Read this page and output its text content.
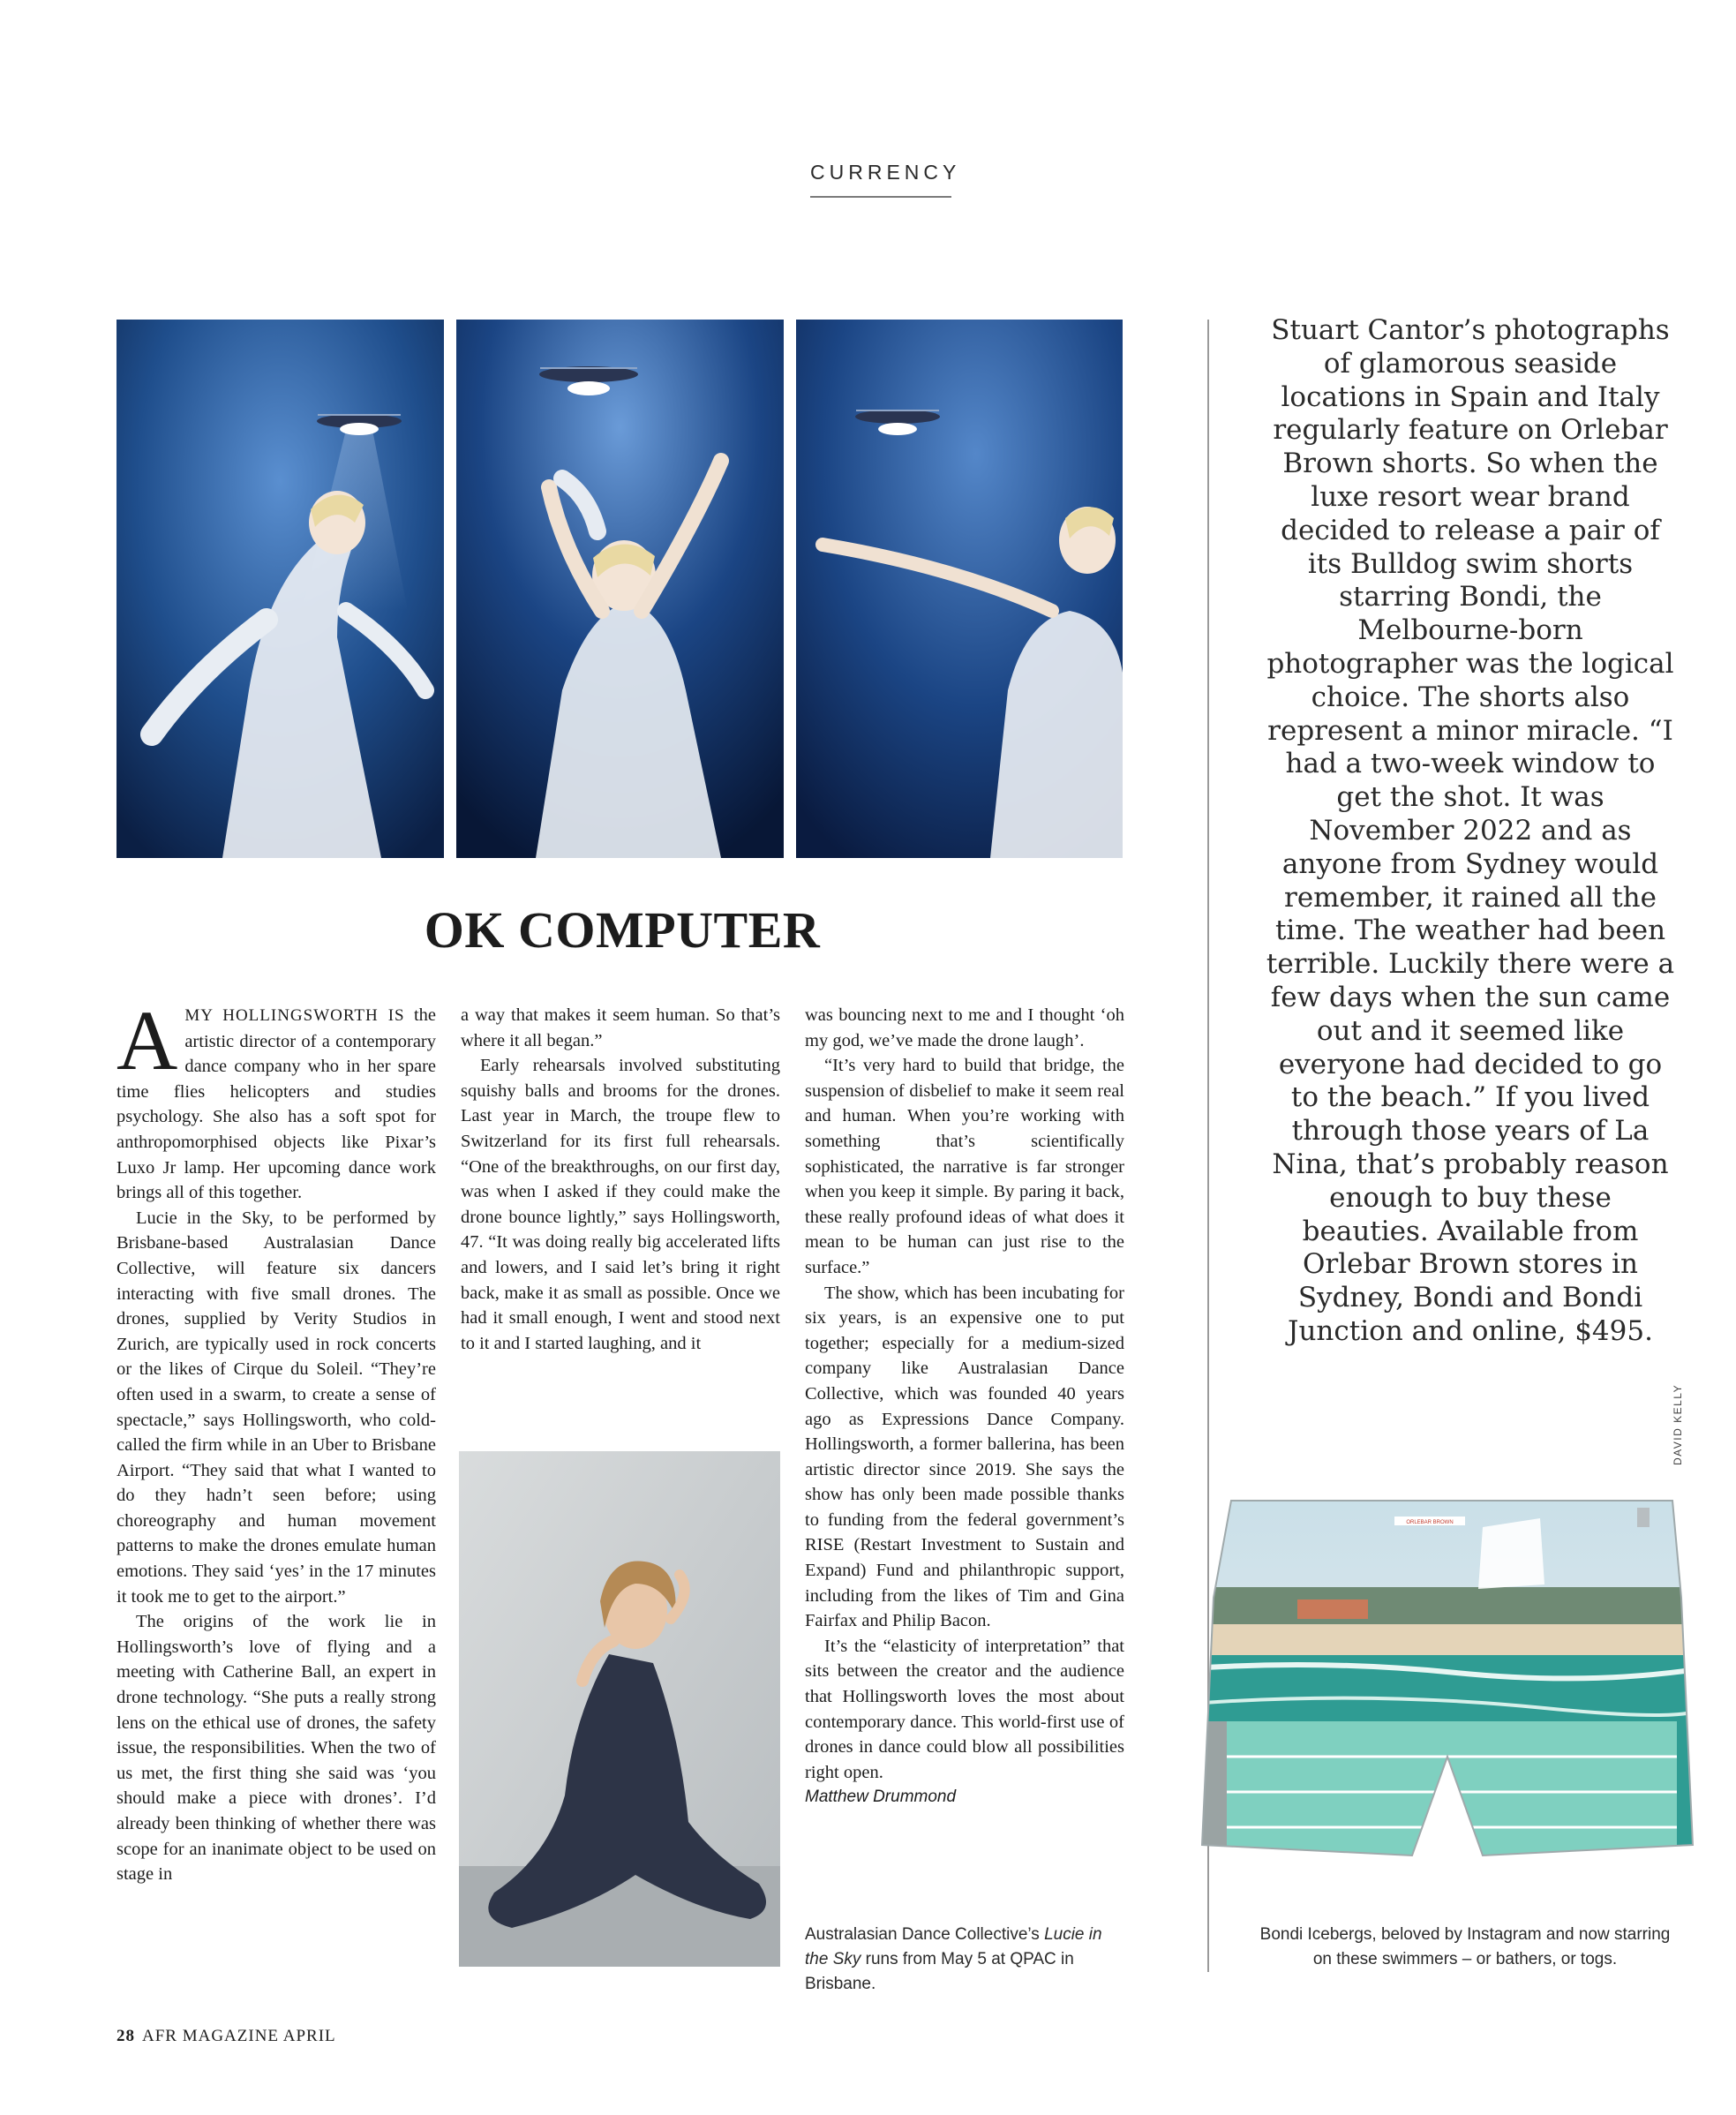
CURRENCY
OK COMPUTER

AMY HOLLINGSWORTH IS the artistic director of a contemporary dance company who in her spare time flies helicopters and studies psychology. She also has a soft spot for anthropomorphised objects like Pixar’s Luxo Jr lamp. Her upcoming dance work brings all of this together.

Lucie in the Sky, to be performed by Brisbane-based Australasian Dance Collective, will feature six dancers interacting with five small drones. The drones, supplied by Verity Studios in Zurich, are typically used in rock concerts or the likes of Cirque du Soleil. “They’re often used in a swarm, to create a sense of spectacle,” says Hollingsworth, who cold-called the firm while in an Uber to Brisbane Airport. “They said that what I wanted to do they hadn’t seen before; using choreography and human movement patterns to make the drones emulate human emotions. They said ‘yes’ in the 17 minutes it took me to get to the airport.”

The origins of the work lie in Hollingsworth’s love of flying and a meeting with Catherine Ball, an expert in drone technology. “She puts a really strong lens on the ethical use of drones, the safety issue, the responsibilities. When the two of us met, the first thing she said was ‘you should make a piece with drones’. I’d already been thinking of whether there was scope for an inanimate object to be used on stage in

a way that makes it seem human. So that’s where it all began.”

Early rehearsals involved substituting squishy balls and brooms for the drones. Last year in March, the troupe flew to Switzerland for its first full rehearsals. “One of the breakthroughs, on our first day, was when I asked if they could make the drone bounce lightly,” says Hollingsworth, 47. “It was doing really big accelerated lifts and lowers, and I said let’s bring it right back, make it as small as possible. Once we had it small enough, I went and stood next to it and I started laughing, and it

was bouncing next to me and I thought ‘oh my god, we’ve made the drone laugh’.

“It’s very hard to build that bridge, the suspension of disbelief to make it seem real and human. When you’re working with something that’s scientifically sophisticated, the narrative is far stronger when you keep it simple. By paring it back, these really profound ideas of what does it mean to be human can just rise to the surface.”

The show, which has been incubating for six years, is an expensive one to put together; especially for a medium-sized company like Australasian Dance Collective, which was founded 40 years ago as Expressions Dance Company. Hollingsworth, a former ballerina, has been artistic director since 2019. She says the show has only been made possible thanks to funding from the federal government’s RISE (Restart Investment to Sustain and Expand) Fund and philanthropic support, including from the likes of Tim and Gina Fairfax and Philip Bacon.

It’s the “elasticity of interpretation” that sits between the creator and the audience that Hollingsworth loves the most about contemporary dance. This world-first use of drones in dance could blow all possibilities right open.

Matthew Drummond

Australasian Dance Collective’s Lucie in the Sky runs from May 5 at QPAC in Brisbane.
Stuart Cantor’s photographs of glamorous seaside locations in Spain and Italy regularly feature on Orlebar Brown shorts. So when the luxe resort wear brand decided to release a pair of its Bulldog swim shorts starring Bondi, the Melbourne-born photographer was the logical choice. The shorts also represent a minor miracle. “I had a two-week window to get the shot. It was November 2022 and as anyone from Sydney would remember, it rained all the time. The weather had been terrible. Luckily there were a few days when the sun came out and it seemed like everyone had decided to go to the beach.” If you lived through those years of La Nina, that’s probably reason enough to buy these beauties. Available from Orlebar Brown stores in Sydney, Bondi and Bondi Junction and online, $495.
DAVID KELLY
ORLEBAR BROWN
Bondi Icebergs, beloved by Instagram and now starring on these swimmers – or bathers, or togs.
28 AFR MAGAZINE APRIL
